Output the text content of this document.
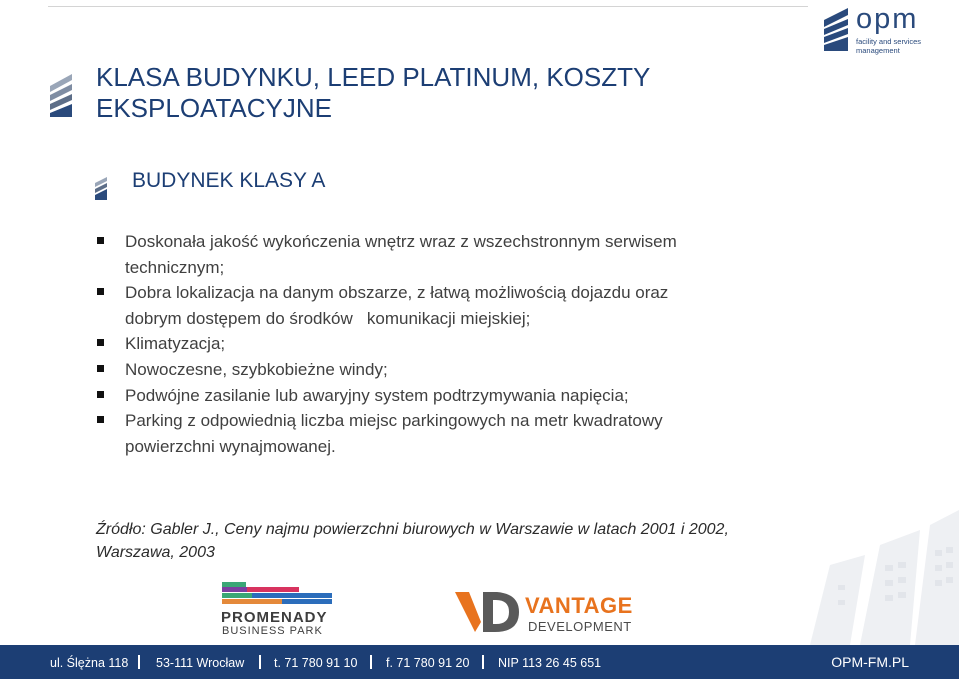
opm
facility and services
management
KLASA BUDYNKU, LEED PLATINUM, KOSZTY
EKSPLOATACYJNE
BUDYNEK KLASY A
Doskonała jakość wykończenia wnętrz wraz z wszechstronnym serwisem
technicznym;
Dobra lokalizacja na danym obszarze, z łatwą możliwością dojazdu oraz
dobrym dostępem do środków   komunikacji miejskiej;
Klimatyzacja;
Nowoczesne, szybkobieżne windy;
Podwójne zasilanie lub awaryjny system podtrzymywania napięcia;
Parking z odpowiednią liczba miejsc parkingowych na metr kwadratowy
powierzchni wynajmowanej.

Źródło: Gabler J., Ceny najmu powierzchni biurowych w Warszawie w latach 2001 i 2002,
Warszawa, 2003

PROMENADY
BUSINESS PARK
VANTAGE
DEVELOPMENT
ul. Ślężna 118 53-111 Wrocław t. 71 780 91 10 f. 71 780 91 20 NIP 113 26 45 651	OPM-FM.PL
